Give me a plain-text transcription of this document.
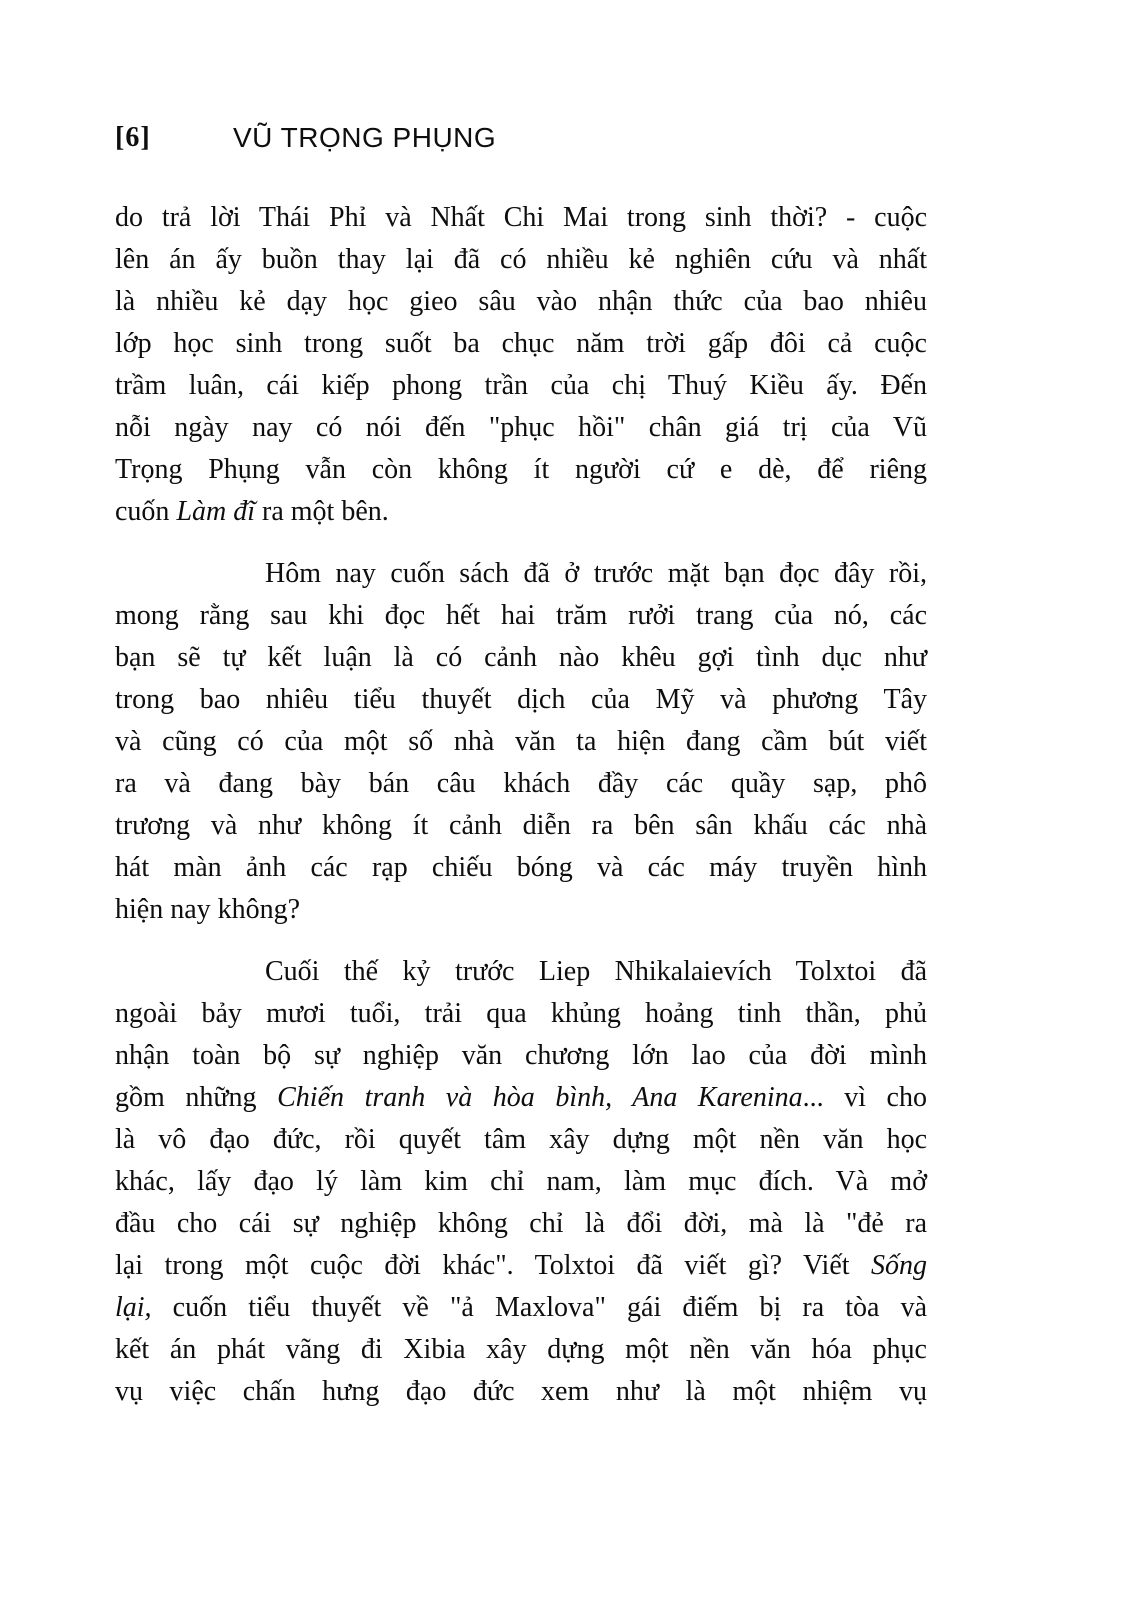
[6]	VŨ TRỌNG PHỤNG
do trả lời Thái Phỉ và Nhất Chi Mai trong sinh thời? - cuộc
lên án ấy buồn thay lại đã có nhiều kẻ nghiên cứu và nhất
là nhiều kẻ dạy học gieo sâu vào nhận thức của bao nhiêu
lớp học sinh trong suốt ba chục năm trời gấp đôi cả cuộc
trầm luân, cái kiếp phong trần của chị Thuý Kiều ấy. Đến
nỗi ngày nay có nói đến "phục hồi" chân giá trị của Vũ
Trọng Phụng vẫn còn không ít người cứ e dè, để riêng
cuốn Làm đĩ ra một bên.
Hôm nay cuốn sách đã ở trước mặt bạn đọc đây rồi,
mong rằng sau khi đọc hết hai trăm rưởi trang của nó, các
bạn sẽ tự kết luận là có cảnh nào khêu gợi tình dục như
trong bao nhiêu tiểu thuyết dịch của Mỹ và phương Tây
và cũng có của một số nhà văn ta hiện đang cầm bút viết
ra và đang bày bán câu khách đầy các quầy sạp, phô
trương và như không ít cảnh diễn ra bên sân khấu các nhà
hát màn ảnh các rạp chiếu bóng và các máy truyền hình
hiện nay không?
Cuối thế kỷ trước Liep Nhikalaievích Tolxtoi đã
ngoài bảy mươi tuổi, trải qua khủng hoảng tinh thần, phủ
nhận toàn bộ sự nghiệp văn chương lớn lao của đời mình
gồm những Chiến tranh và hòa bình, Ana Karenina... vì cho
là vô đạo đức, rồi quyết tâm xây dựng một nền văn học
khác, lấy đạo lý làm kim chỉ nam, làm mục đích. Và mở
đầu cho cái sự nghiệp không chỉ là đổi đời, mà là "đẻ ra
lại trong một cuộc đời khác". Tolxtoi đã viết gì? Viết Sống
lại, cuốn tiểu thuyết về "ả Maxlova" gái điếm bị ra tòa và
kết án phát vãng đi Xibia xây dựng một nền văn hóa phục
vụ việc chấn hưng đạo đức xem như là một nhiệm vụ
